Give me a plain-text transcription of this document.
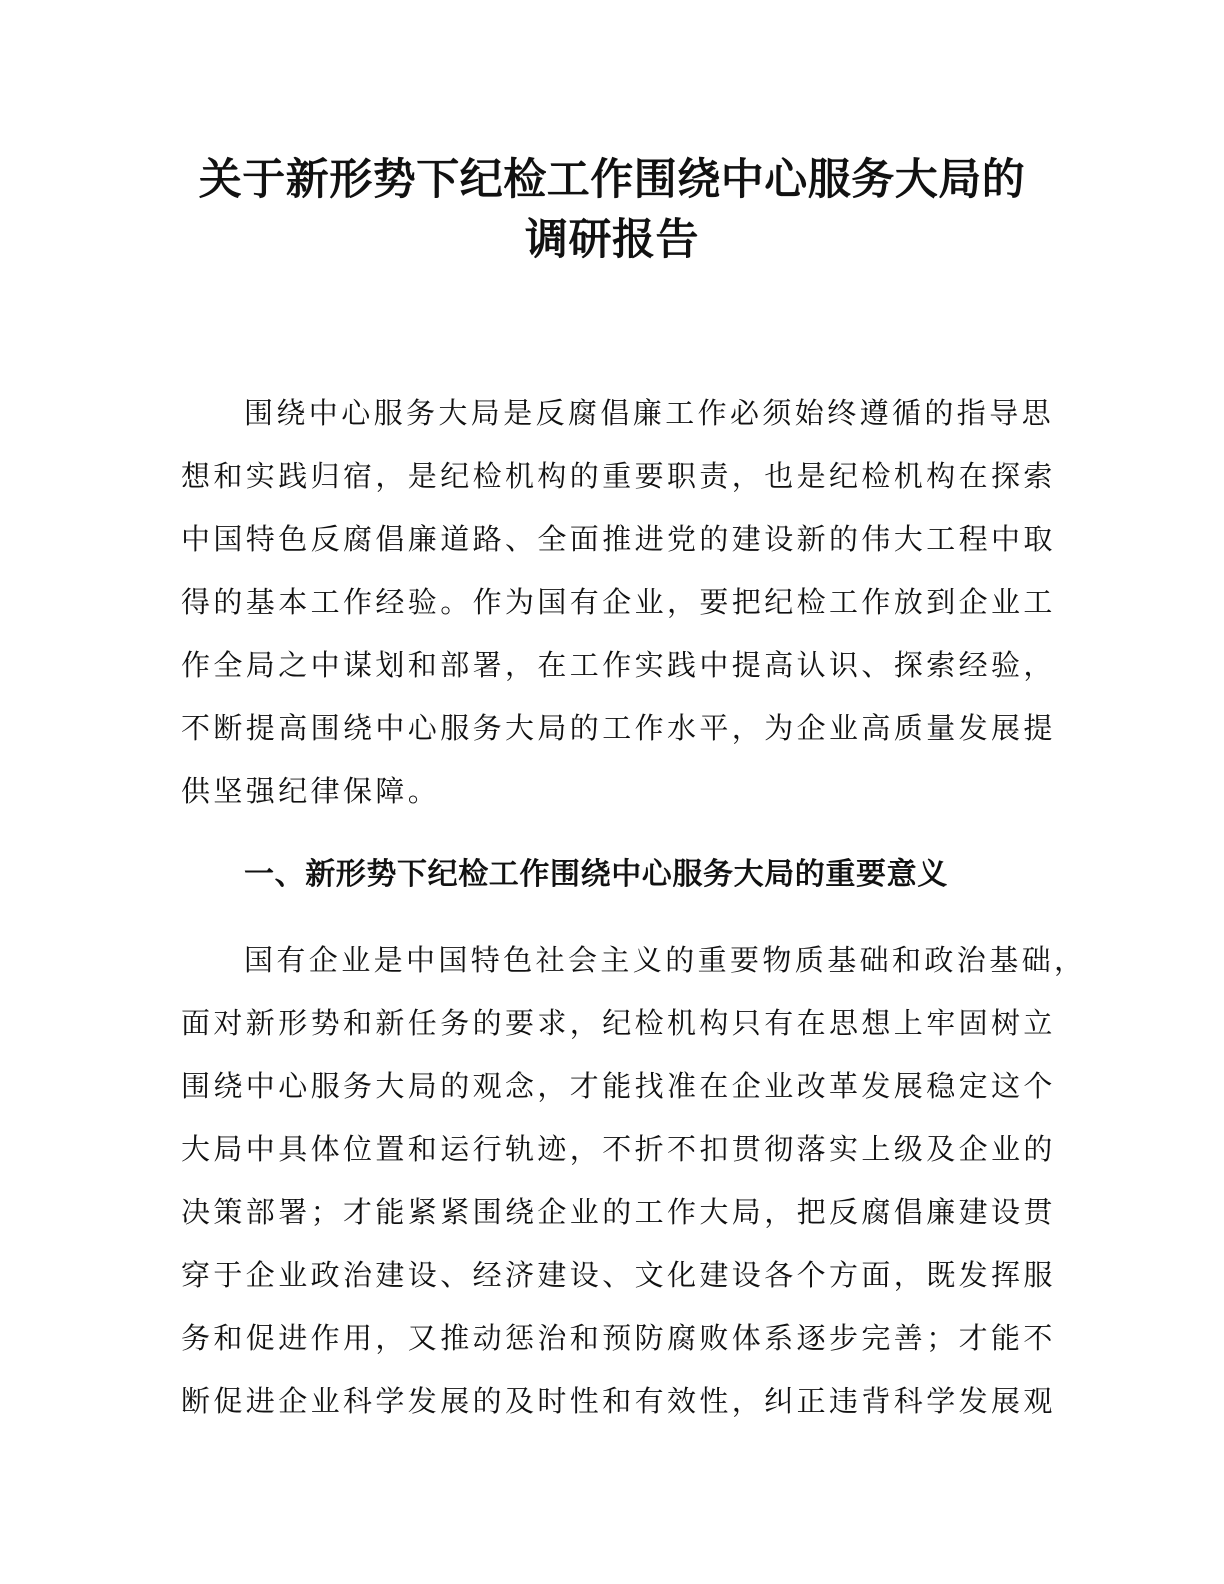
关于新形势下纪检工作围绕中心服务大局的
调研报告
围绕中心服务大局是反腐倡廉工作必须始终遵循的指导思
想和实践归宿，是纪检机构的重要职责，也是纪检机构在探索
中国特色反腐倡廉道路、全面推进党的建设新的伟大工程中取
得的基本工作经验。作为国有企业，要把纪检工作放到企业工
作全局之中谋划和部署，在工作实践中提高认识、探索经验，
不断提高围绕中心服务大局的工作水平，为企业高质量发展提
供坚强纪律保障。
一、新形势下纪检工作围绕中心服务大局的重要意义
国有企业是中国特色社会主义的重要物质基础和政治基础，
面对新形势和新任务的要求，纪检机构只有在思想上牢固树立
围绕中心服务大局的观念，才能找准在企业改革发展稳定这个
大局中具体位置和运行轨迹，不折不扣贯彻落实上级及企业的
决策部署；才能紧紧围绕企业的工作大局，把反腐倡廉建设贯
穿于企业政治建设、经济建设、文化建设各个方面，既发挥服
务和促进作用，又推动惩治和预防腐败体系逐步完善；才能不
断促进企业科学发展的及时性和有效性，纠正违背科学发展观
